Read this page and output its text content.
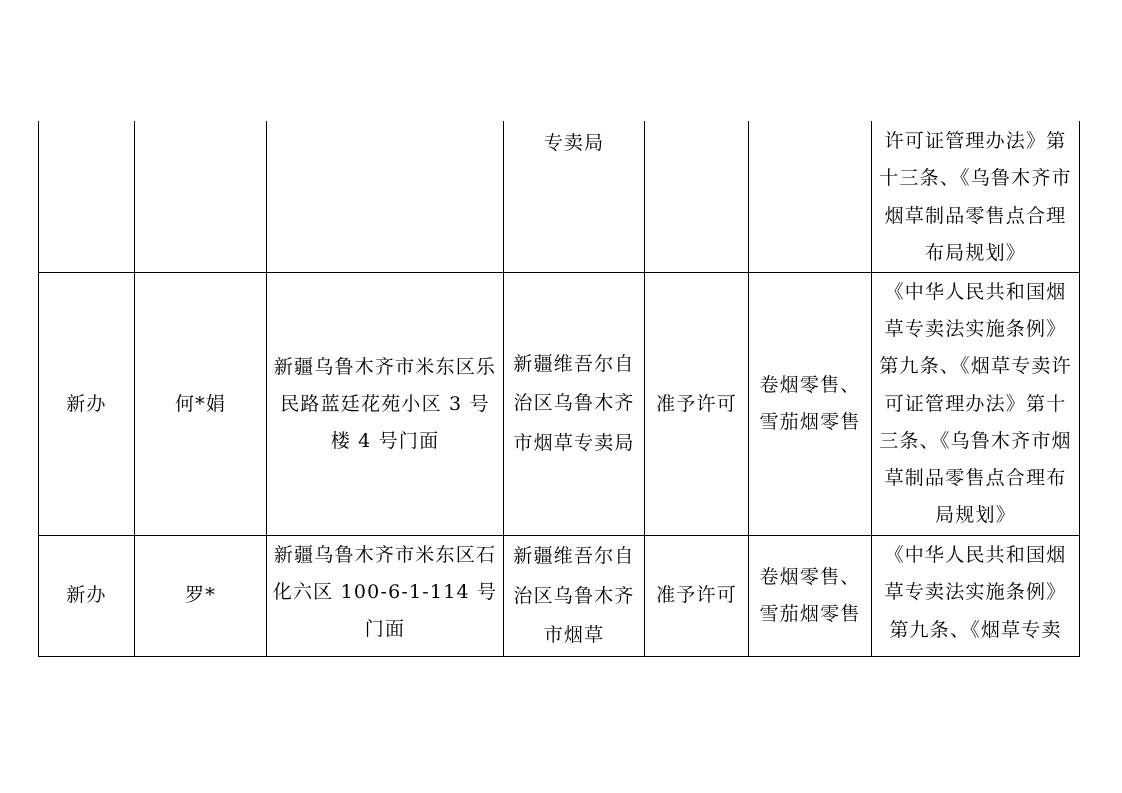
			专卖局			许可证管理办法》第十三条、《乌鲁木齐市烟草制品零售点合理布局规划》
新办	何*娟	新疆乌鲁木齐市米东区乐民路蓝廷花苑小区 3 号楼 4 号门面	新疆维吾尔自治区乌鲁木齐市烟草专卖局	准予许可	卷烟零售、雪茄烟零售	《中华人民共和国烟草专卖法实施条例》第九条、《烟草专卖许可证管理办法》第十三条、《乌鲁木齐市烟草制品零售点合理布局规划》
新办	罗*	新疆乌鲁木齐市米东区石化六区 100-6-1-114 号门面	新疆维吾尔自治区乌鲁木齐市烟草	准予许可	卷烟零售、雪茄烟零售	《中华人民共和国烟草专卖法实施条例》第九条、《烟草专卖
